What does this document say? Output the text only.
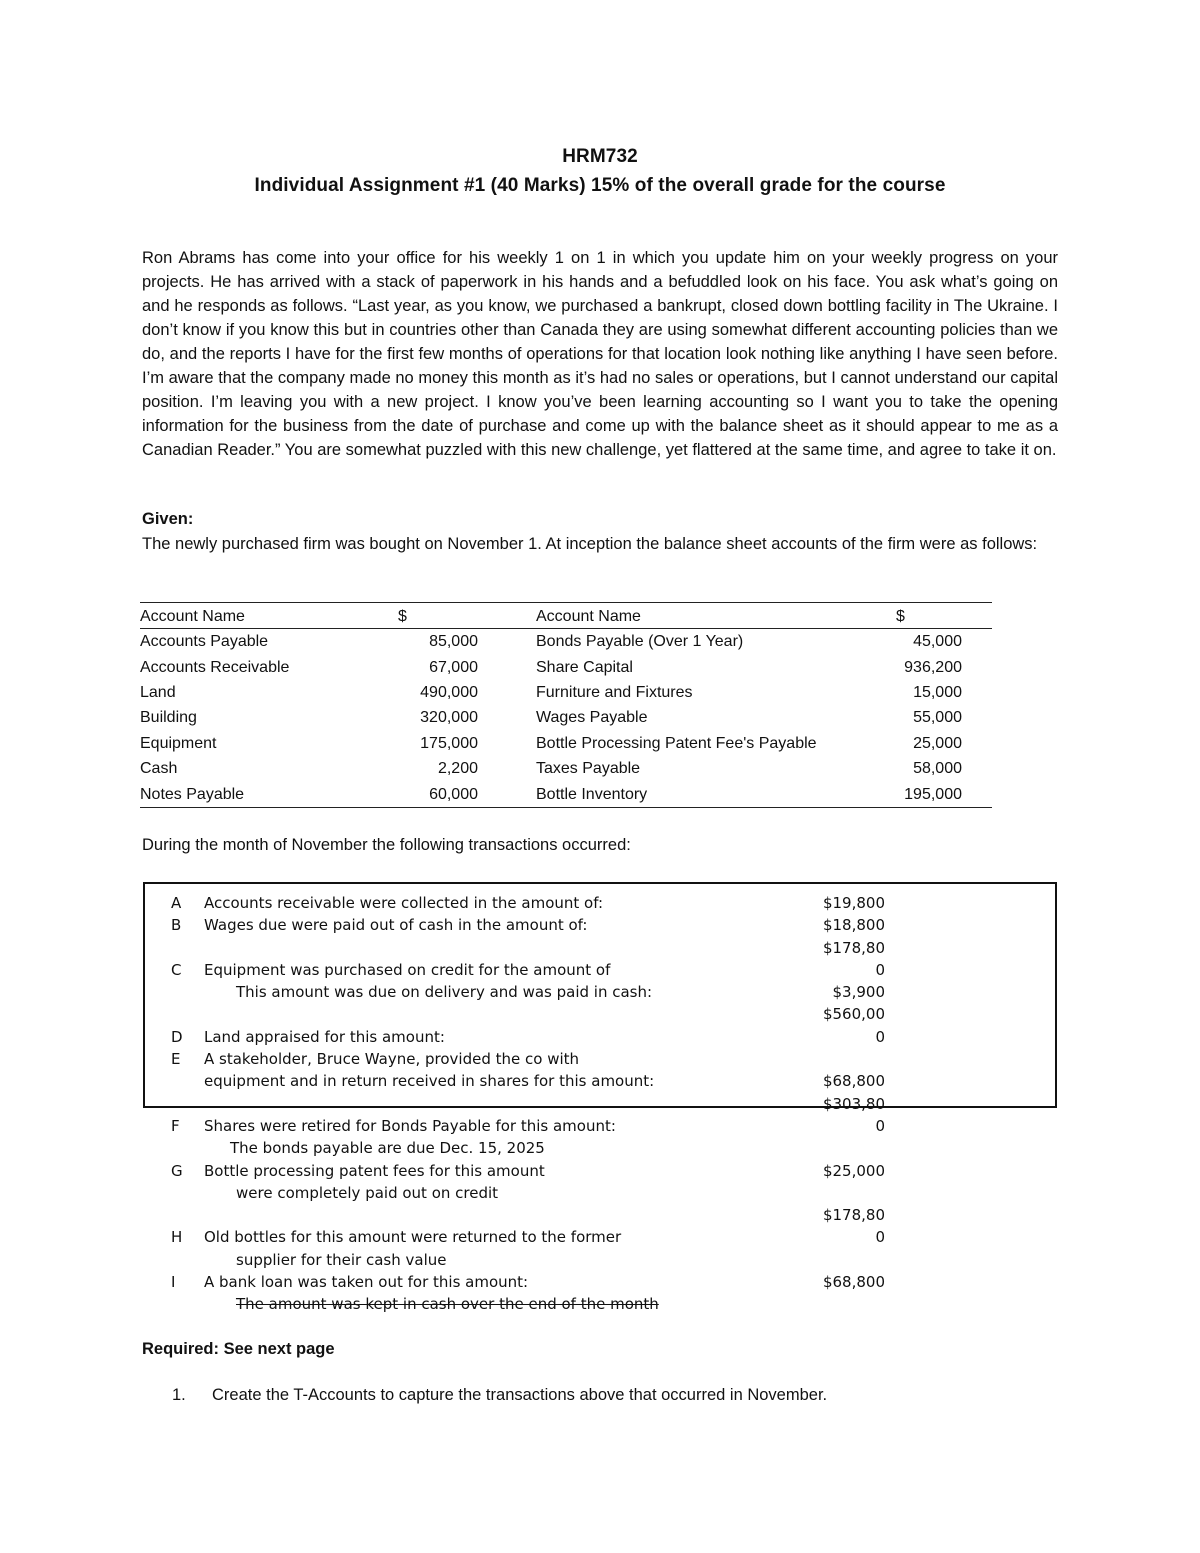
HRM732
Individual Assignment #1 (40 Marks) 15% of the overall grade for the course

Ron Abrams has come into your office for his weekly 1 on 1 in which you update him on your weekly progress on your projects. He has arrived with a stack of paperwork in his hands and a befuddled look on his face. You ask what’s going on and he responds as follows. “Last year, as you know, we purchased a bankrupt, closed down bottling facility in The Ukraine. I don’t know if you know this but in countries other than Canada they are using somewhat different accounting policies than we do, and the reports I have for the first few months of operations for that location look nothing like anything I have seen before. I’m aware that the company made no money this month as it’s had no sales or operations, but I cannot understand our capital position. I’m leaving you with a new project. I know you’ve been learning accounting so I want you to take the opening information for the business from the date of purchase and come up with the balance sheet as it should appear to me as a Canadian Reader.” You are somewhat puzzled with this new challenge, yet flattered at the same time, and agree to take it on.

Given:

The newly purchased firm was bought on November 1. At inception the balance sheet accounts of the firm were as follows:

Account Name	$		Account Name	$	
Accounts Payable	85,000		Bonds Payable (Over 1 Year)	45,000	
Accounts Receivable	67,000		Share Capital	936,200	
Land	490,000		Furniture and Fixtures	15,000	
Building	320,000		Wages Payable	55,000	
Equipment	175,000		Bottle Processing Patent Fee's Payable	25,000	
Cash	2,200		Taxes Payable	58,000	
Notes Payable	60,000		Bottle Inventory	195,000	
During the month of November the following transactions occurred:
A Accounts receivable were collected in the amount of:	$19,800
B Wages due were paid out of cash in the amount of:	$18,800
$178,80
C Equipment was purchased on credit for the amount of	0
This amount was due on delivery and was paid in cash:	$3,900
$560,00
D Land appraised for this amount:	0
E A stakeholder, Bruce Wayne, provided the co with
equipment and in return received in shares for this amount:	$68,800
$303,80
F Shares were retired for Bonds Payable for this amount:	0
The bonds payable are due Dec. 15, 2025
G Bottle processing patent fees for this amount	$25,000
were completely paid out on credit
$178,80
H Old bottles for this amount were returned to the former	0
supplier for their cash value
I A bank loan was taken out for this amount:	$68,800
The amount was kept in cash over the end of the month
Required: See next page
1. Create the T-Accounts to capture the transactions above that occurred in November.
